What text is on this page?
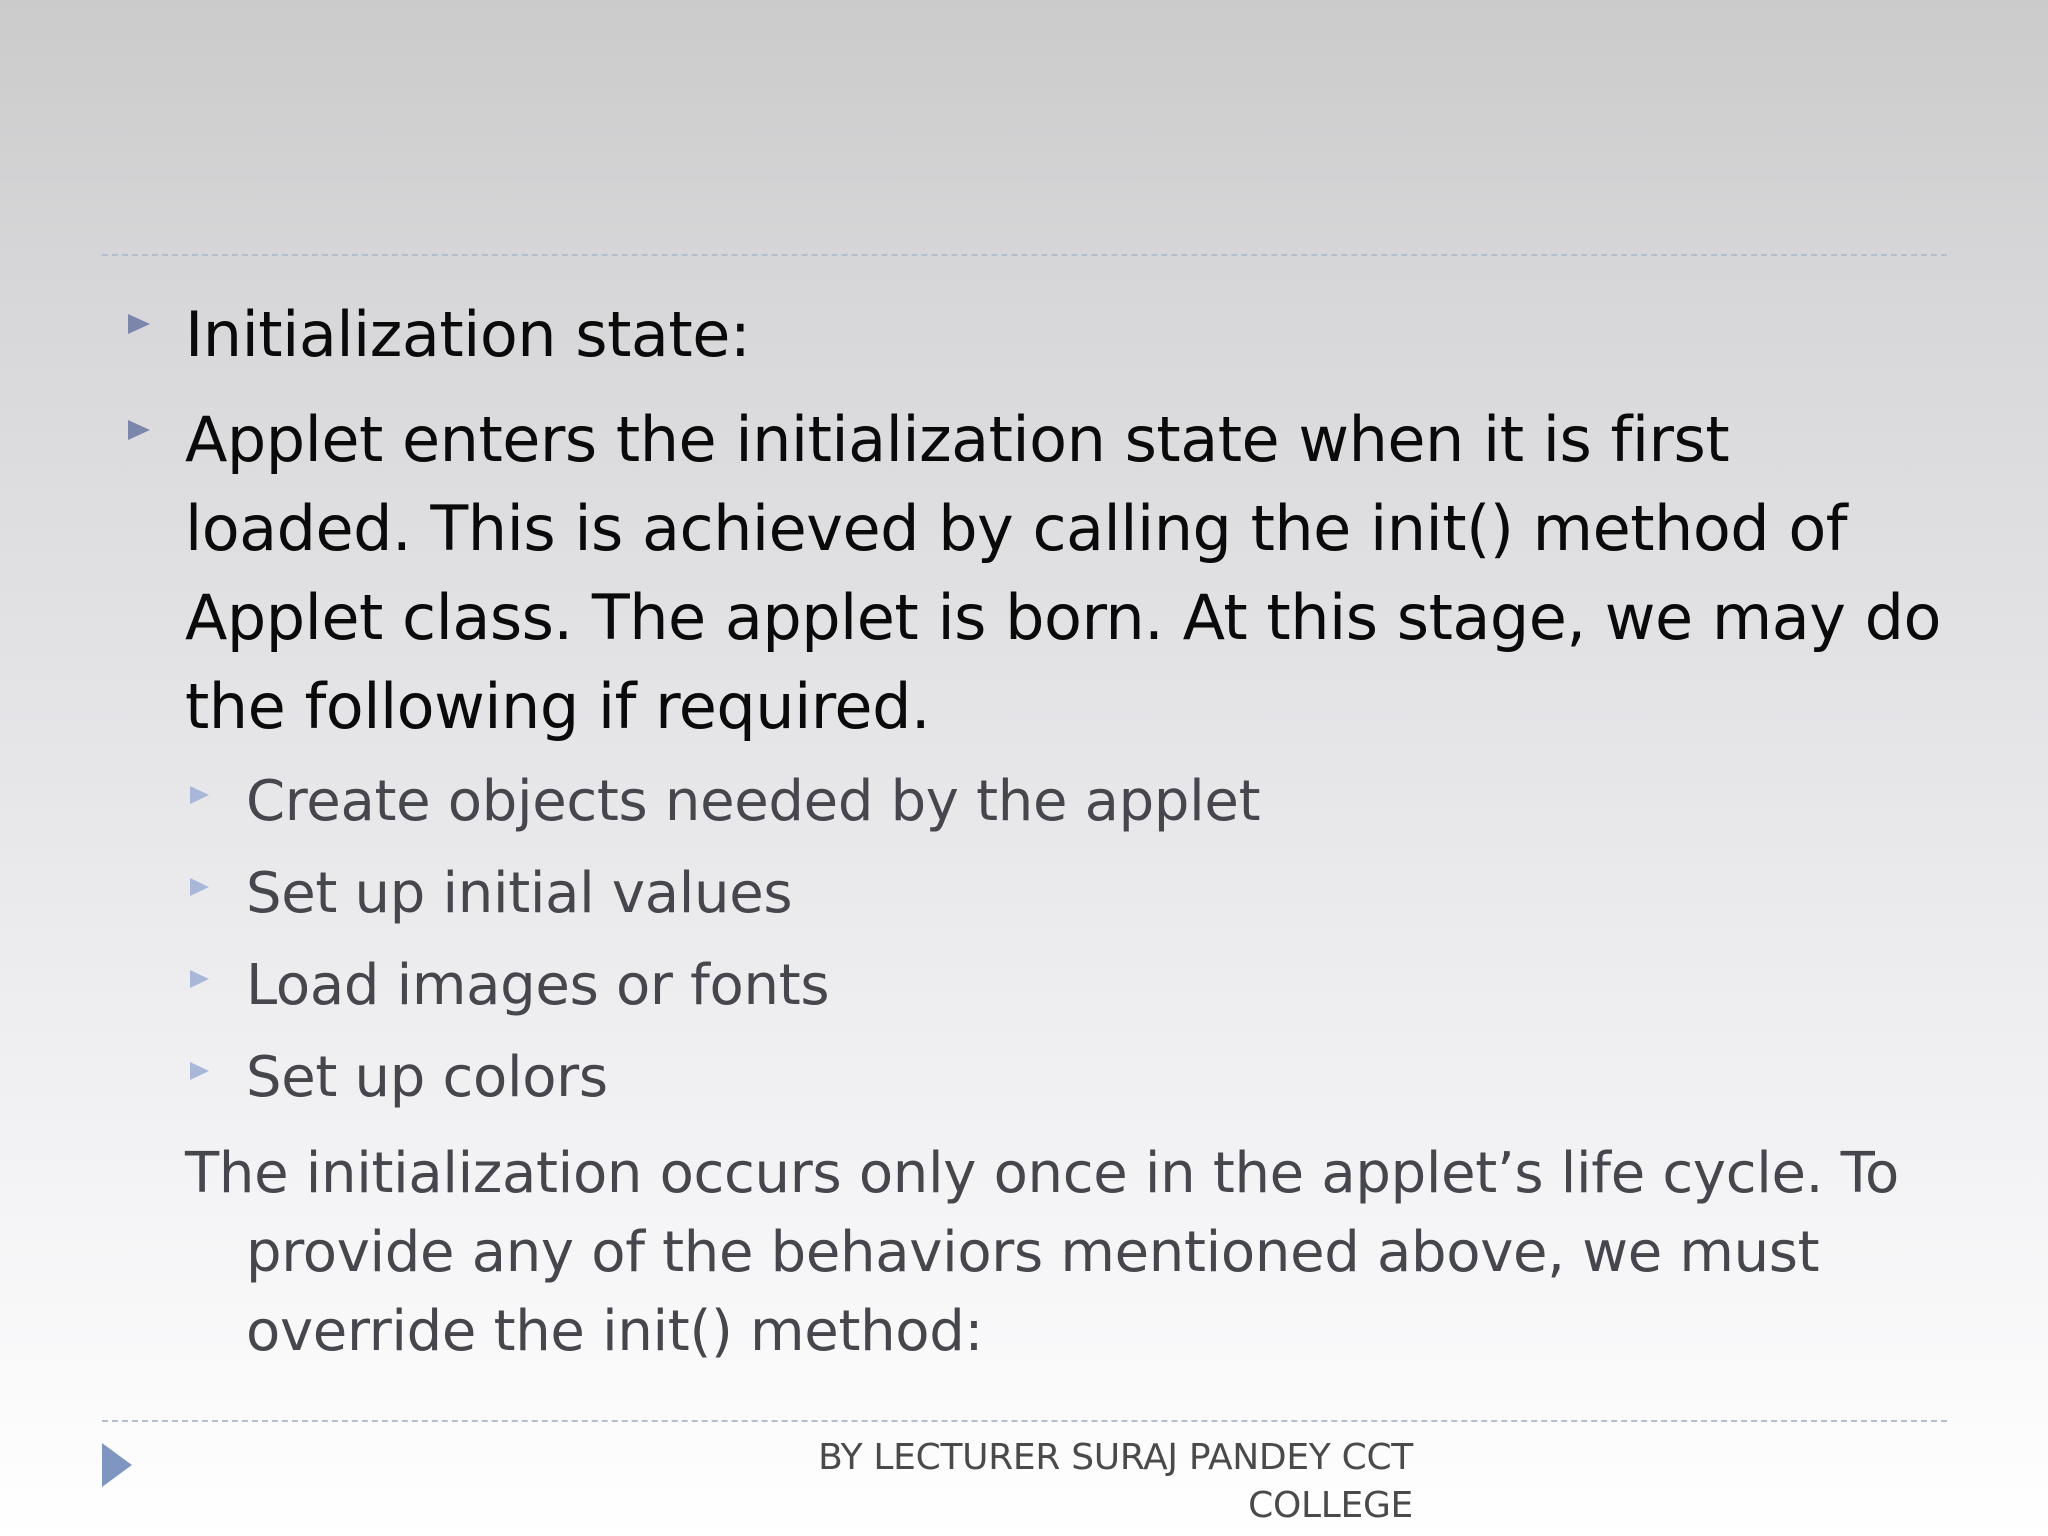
Initialization state:
Applet enters the initialization state when it is first
loaded. This is achieved by calling the init() method of
Applet class. The applet is born. At this stage, we may do
the following if required.
Create objects needed by the applet
Set up initial values
Load images or fonts
Set up colors
The initialization occurs only once in the applet’s life cycle. To
provide any of the behaviors mentioned above, we must
override the init() method:
BY LECTURER SURAJ PANDEY CCT
COLLEGE
